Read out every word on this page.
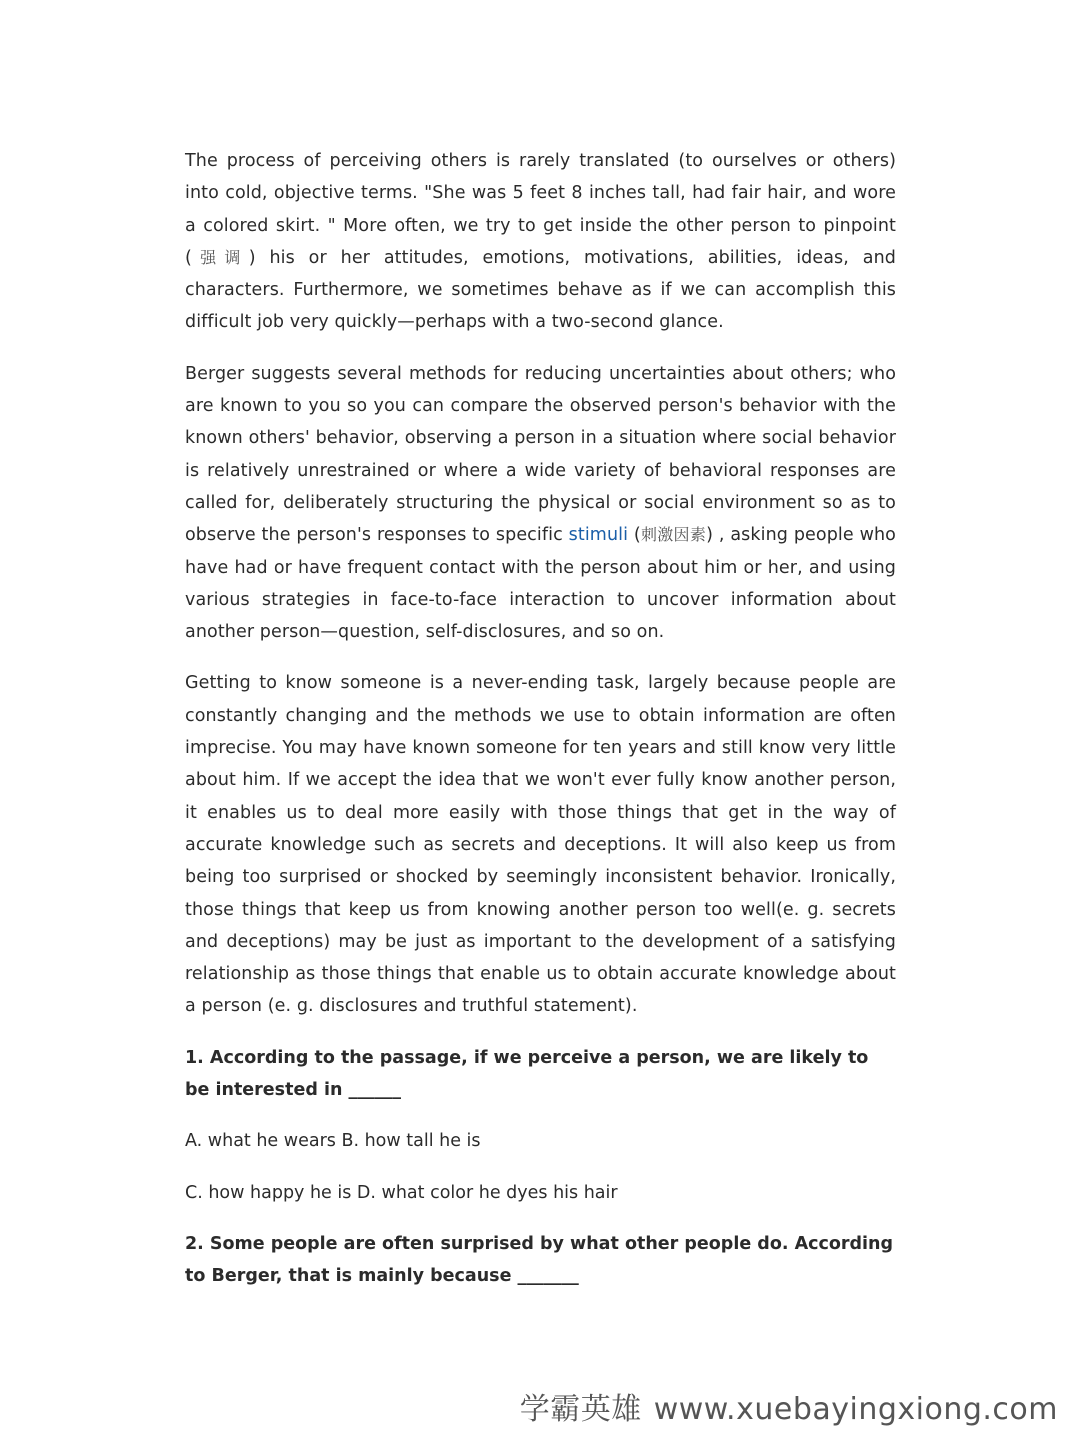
The process of perceiving others is rarely translated (to ourselves or others) into cold, objective terms. "She was 5 feet 8 inches tall, had fair hair, and wore a colored skirt. " More often, we try to get inside the other person to pinpoint (强调) his or her attitudes, emotions, motivations, abilities, ideas, and characters. Furthermore, we sometimes behave as if we can accomplish this difficult job very quickly—perhaps with a two-second glance.

Berger suggests several methods for reducing uncertainties about others; who are known to you so you can compare the observed person's behavior with the known others' behavior, observing a person in a situation where social behavior is relatively unrestrained or where a wide variety of behavioral responses are called for, deliberately structuring the physical or social environment so as to observe the person's responses to specific stimuli (刺激因素) , asking people who have had or have frequent contact with the person about him or her, and using various strategies in face-to-face interaction to uncover information about another person—question, self-disclosures, and so on.

Getting to know someone is a never-ending task, largely because people are constantly changing and the methods we use to obtain information are often imprecise. You may have known someone for ten years and still know very little about him. If we accept the idea that we won't ever fully know another person, it enables us to deal more easily with those things that get in the way of accurate knowledge such as secrets and deceptions. It will also keep us from being too surprised or shocked by seemingly inconsistent behavior. Ironically, those things that keep us from knowing another person too well(e. g. secrets and deceptions) may be just as important to the development of a satisfying relationship as those things that enable us to obtain accurate knowledge about a person (e. g. disclosures and truthful statement).

1. According to the passage, if we perceive a person, we are likely to be interested in ______

A. what he wears B. how tall he is

C. how happy he is D. what color he dyes his hair

2. Some people are often surprised by what other people do. According to Berger, that is mainly because _______

学霸英雄 www.xuebayingxiong.com
